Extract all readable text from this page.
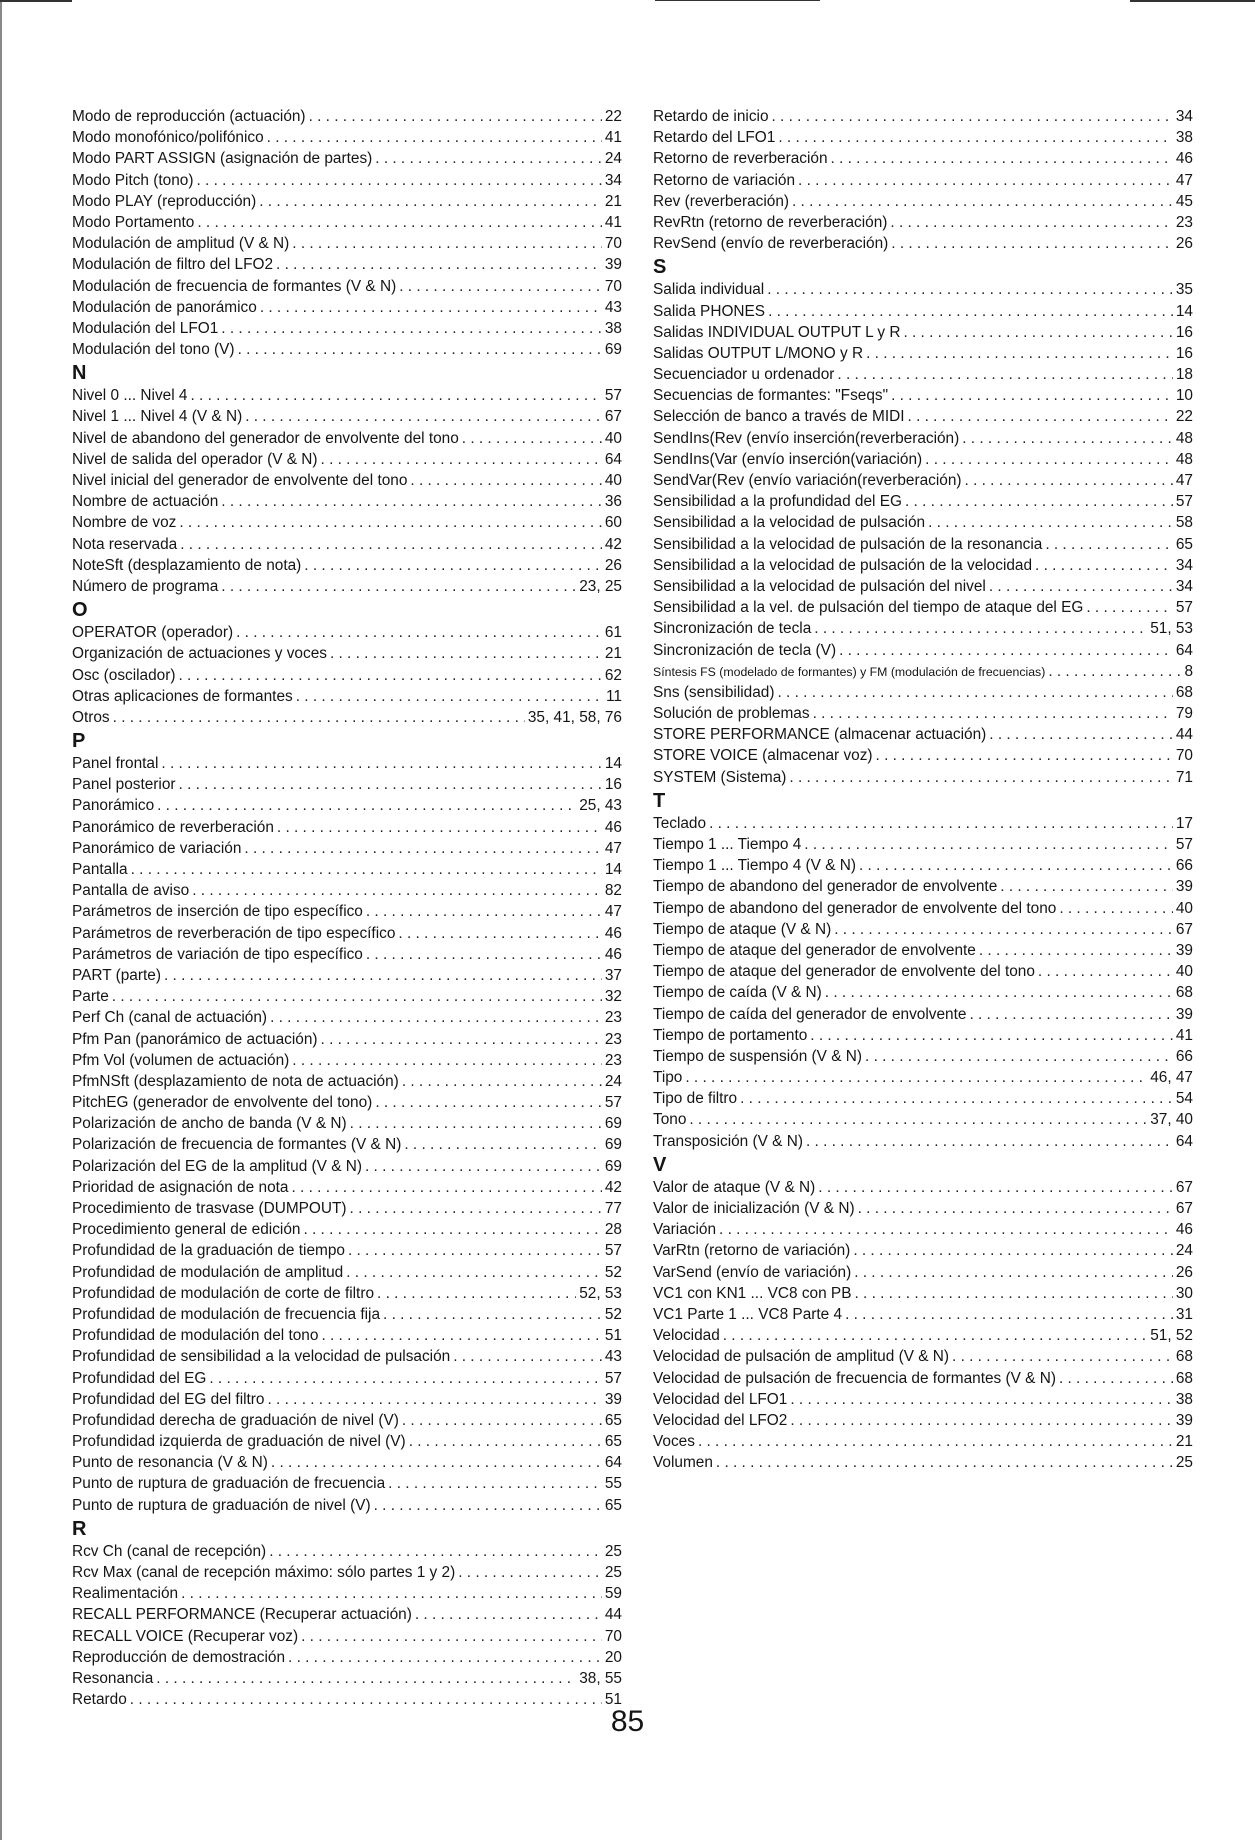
Modo de reproducción (actuación) . . .	22
Modo monofónico/polifónico . . .	41
Modo PART ASSIGN (asignación de partes) . . .	24
Modo Pitch (tono) . . .	34
Modo PLAY (reproducción) . . .	21
Modo Portamento . . .	41
Modulación de amplitud (V & N) . . .	70
Modulación de filtro del LFO2 . . .	39
Modulación de frecuencia de formantes (V & N) . . .	70
Modulación de panorámico . . .	43
Modulación del LFO1 . . .	38
Modulación del tono (V) . . .	69
N
Nivel 0 ... Nivel 4 . . .	57
Nivel 1 ... Nivel 4 (V & N) . . .	67
Nivel de abandono del generador de envolvente del tono . . .	40
Nivel de salida del operador (V & N) . . .	64
Nivel inicial del generador de envolvente del tono . . .	40
Nombre de actuación . . .	36
Nombre de voz . . .	60
Nota reservada . . .	42
NoteSft (desplazamiento de nota) . . .	26
Número de programa . . .	23, 25
O
OPERATOR (operador) . . .	61
Organización de actuaciones y voces . . .	21
Osc (oscilador) . . .	62
Otras aplicaciones de formantes . . .	11
Otros . . .	35, 41, 58, 76
P
Panel frontal . . .	14
Panel posterior . . .	16
Panorámico . . .	25, 43
Panorámico de reverberación . . .	46
Panorámico de variación . . .	47
Pantalla . . .	14
Pantalla de aviso . . .	82
Parámetros de inserción de tipo específico . . .	47
Parámetros de reverberación de tipo específico . . .	46
Parámetros de variación de tipo específico . . .	46
PART (parte) . . .	37
Parte . . .	32
Perf Ch (canal de actuación) . . .	23
Pfm Pan (panorámico de actuación) . . .	23
Pfm Vol (volumen de actuación) . . .	23
PfmNSft (desplazamiento de nota de actuación) . . .	24
PitchEG (generador de envolvente del tono) . . .	57
Polarización de ancho de banda (V & N) . . .	69
Polarización de frecuencia de formantes (V & N) . . .	69
Polarización del EG de la amplitud (V & N) . . .	69
Prioridad de asignación de nota . . .	42
Procedimiento de trasvase (DUMPOUT) . . .	77
Procedimiento general de edición . . .	28
Profundidad de la graduación de tiempo . . .	57
Profundidad de modulación de amplitud . . .	52
Profundidad de modulación de corte de filtro . . .	52, 53
Profundidad de modulación de frecuencia fija . . .	52
Profundidad de modulación del tono . . .	51
Profundidad de sensibilidad a la velocidad de pulsación . . .	43
Profundidad del EG . . .	57
Profundidad del EG del filtro . . .	39
Profundidad derecha de graduación de nivel (V) . . .	65
Profundidad izquierda de graduación de nivel (V) . . .	65
Punto de resonancia (V & N) . . .	64
Punto de ruptura de graduación de frecuencia . . .	55
Punto de ruptura de graduación de nivel (V) . . .	65
R
Rcv Ch (canal de recepción) . . .	25
Rcv Max (canal de recepción máximo: sólo partes 1 y 2) . . .	25
Realimentación . . .	59
RECALL PERFORMANCE (Recuperar actuación) . . .	44
RECALL VOICE (Recuperar voz) . . .	70
Reproducción de demostración . . .	20
Resonancia . . .	38, 55
Retardo . . .	51
Retardo de inicio . . .	34
Retardo del LFO1 . . .	38
Retorno de reverberación . . .	46
Retorno de variación . . .	47
Rev (reverberación) . . .	45
RevRtn (retorno de reverberación) . . .	23
RevSend (envío de reverberación) . . .	26
S
Salida individual . . .	35
Salida PHONES . . .	14
Salidas INDIVIDUAL OUTPUT L y R . . .	16
Salidas OUTPUT L/MONO y R . . .	16
Secuenciador u ordenador . . .	18
Secuencias de formantes: "Fseqs" . . .	10
Selección de banco a través de MIDI . . .	22
SendIns(Rev (envío inserción(reverberación) . . .	48
SendIns(Var (envío inserción(variación) . . .	48
SendVar(Rev (envío variación(reverberación) . . .	47
Sensibilidad a la profundidad del EG . . .	57
Sensibilidad a la velocidad de pulsación . . .	58
Sensibilidad a la velocidad de pulsación de la resonancia . . .	65
Sensibilidad a la velocidad de pulsación de la velocidad . . .	34
Sensibilidad a la velocidad de pulsación del nivel . . .	34
Sensibilidad a la vel. de pulsación del tiempo de ataque del EG . . .	57
Sincronización de tecla . . .	51, 53
Sincronización de tecla (V) . . .	64
Síntesis FS (modelado de formantes) y FM (modulación de frecuencias) . . .	8
Sns (sensibilidad) . . .	68
Solución de problemas . . .	79
STORE PERFORMANCE (almacenar actuación) . . .	44
STORE VOICE (almacenar voz) . . .	70
SYSTEM (Sistema) . . .	71
T
Teclado . . .	17
Tiempo 1 ... Tiempo 4 . . .	57
Tiempo 1 ... Tiempo 4 (V & N) . . .	66
Tiempo de abandono del generador de envolvente . . .	39
Tiempo de abandono del generador de envolvente del tono . . .	40
Tiempo de ataque (V & N) . . .	67
Tiempo de ataque del generador de envolvente . . .	39
Tiempo de ataque del generador de envolvente del tono . . .	40
Tiempo de caída (V & N) . . .	68
Tiempo de caída del generador de envolvente . . .	39
Tiempo de portamento . . .	41
Tiempo de suspensión (V & N) . . .	66
Tipo . . .	46, 47
Tipo de filtro . . .	54
Tono . . .	37, 40
Transposición (V & N) . . .	64
V
Valor de ataque (V & N) . . .	67
Valor de inicialización (V & N) . . .	67
Variación . . .	46
VarRtn (retorno de variación) . . .	24
VarSend (envío de variación) . . .	26
VC1 con KN1 ... VC8 con PB . . .	30
VC1 Parte 1 ... VC8 Parte 4 . . .	31
Velocidad . . .	51, 52
Velocidad de pulsación de amplitud (V & N) . . .	68
Velocidad de pulsación de frecuencia de formantes (V & N) . . .	68
Velocidad del LFO1 . . .	38
Velocidad del LFO2 . . .	39
Voces . . .	21
Volumen . . .	25
85
